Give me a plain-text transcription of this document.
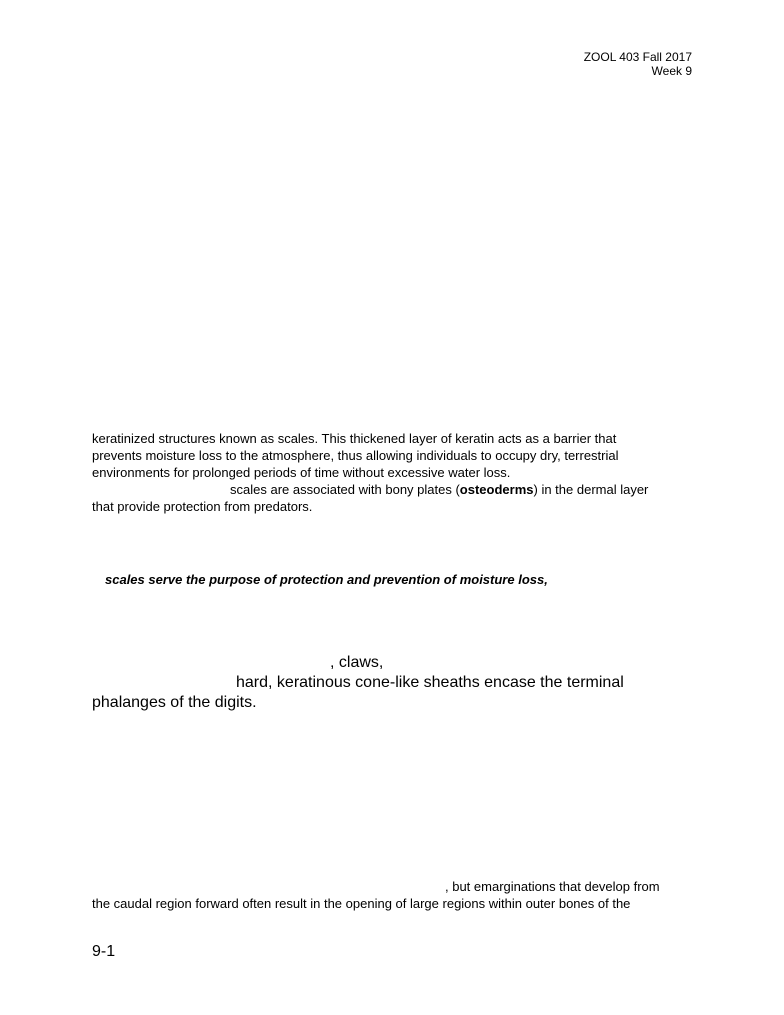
ZOOL 403 Fall 2017
Week 9
keratinized structures known as scales. This thickened layer of keratin acts as a barrier that
prevents moisture loss to the atmosphere, thus allowing individuals to occupy dry, terrestrial
environments for prolonged periods of time without excessive water loss.
scales are associated with bony plates (osteoderms) in the dermal layer
that provide protection from predators.
scales serve the purpose of protection and prevention of moisture loss,
, claws,
hard, keratinous cone-like sheaths encase the terminal
phalanges of the digits.
, but emarginations that develop from
the caudal region forward often result in the opening of large regions within outer bones of the
9-1
